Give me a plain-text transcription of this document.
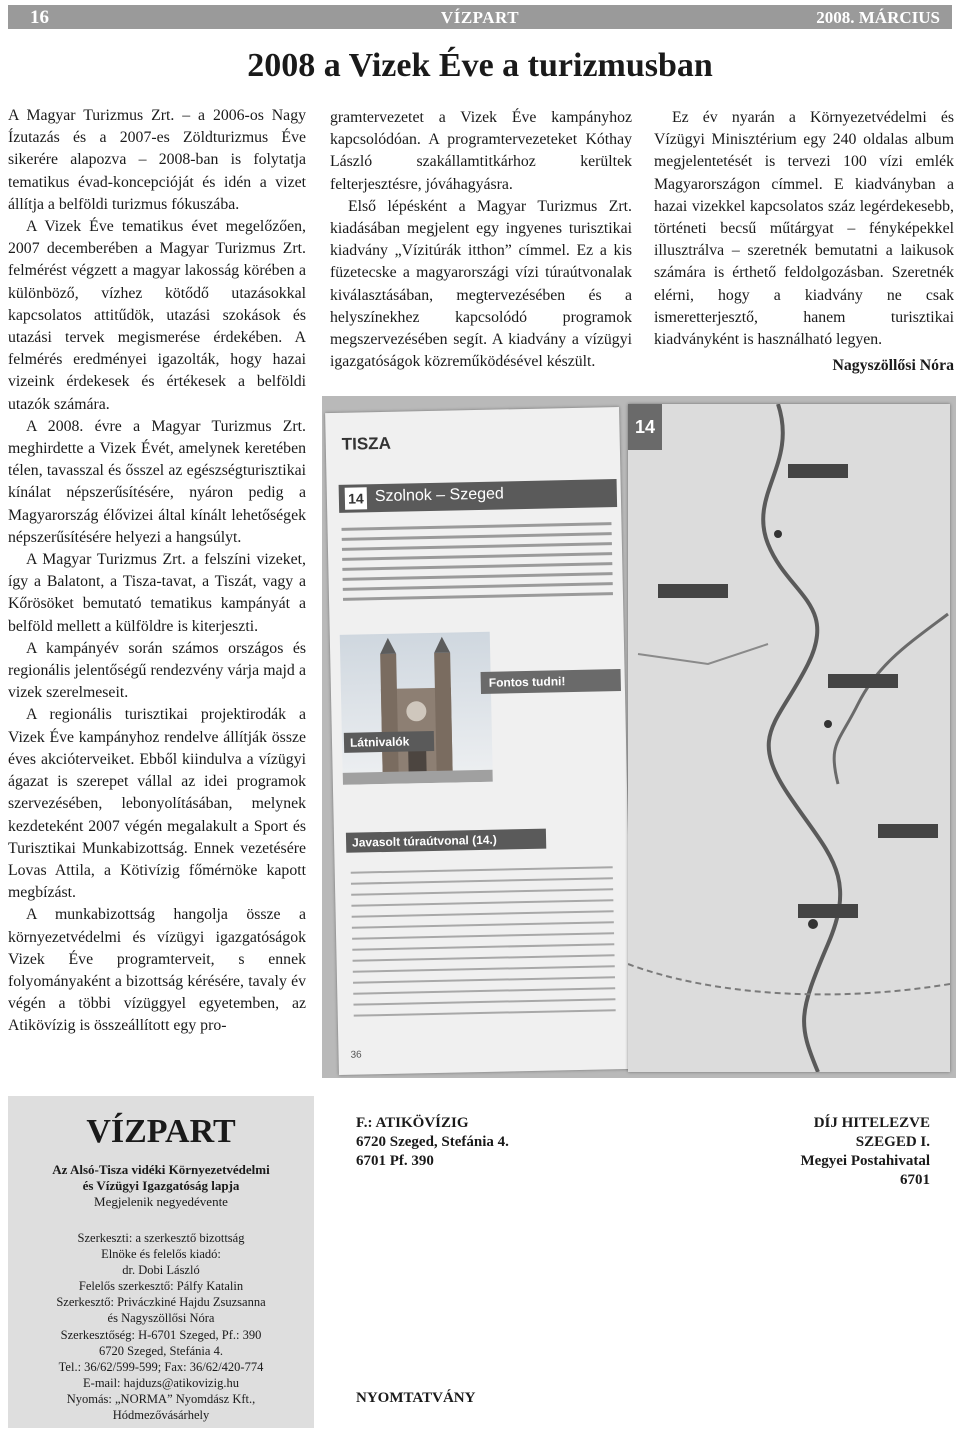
16	VÍZPART	2008. MÁRCIUS
2008 a Vizek Éve a turizmusban

A Magyar Turizmus Zrt. – a 2006-os Nagy Ízutazás és a 2007-es Zöldturizmus Éve sikerére alapozva – 2008-ban is folytatja tematikus évad-koncepcióját és idén a vizet állítja a belföldi turizmus fókuszába.

A Vizek Éve tematikus évet megelőzően, 2007 decemberében a Magyar Turizmus Zrt. felmérést végzett a magyar lakosság körében a különböző, vízhez kötődő utazásokkal kapcsolatos attitűdök, utazási szokások és utazási tervek megismerése érdekében. A felmérés eredményei igazolták, hogy hazai vizeink érdekesek és értékesek a belföldi utazók számára.

A 2008. évre a Magyar Turizmus Zrt. meghirdette a Vizek Évét, amelynek keretében télen, tavasszal és ősszel az egészségturisztikai kínálat népszerűsítésére, nyáron pedig a Magyarország élővizei által kínált lehetőségek népszerűsítésére helyezi a hangsúlyt.

A Magyar Turizmus Zrt. a felszíni vizeket, így a Balatont, a Tisza-tavat, a Tiszát, vagy a Kőrösöket bemutató tematikus kampányát a belföld mellett a külföldre is kiterjeszti.

A kampányév során számos országos és regionális jelentőségű rendezvény várja majd a vizek szerelmeseit.

A regionális turisztikai projektirodák a Vizek Éve kampányhoz rendelve állítják össze éves akcióterveiket. Ebből kiindulva a vízügyi ágazat is szerepet vállal az idei programok szervezésében, lebonyolításában, melynek kezdeteként 2007 végén megalakult a Sport és Turisztikai Munkabizottság. Ennek vezetésére Lovas Attila, a Kötivízig főmérnöke kapott megbízást.

A munkabizottság hangolja össze a környezetvédelmi és vízügyi igazgatóságok Vizek Éve programterveit, s ennek folyományaként a bizottság kérésére, tavaly év végén a többi vízüggyel egyetemben, az Atikövízig is összeállított egy pro-

gramtervezetet a Vizek Éve kampányhoz kapcsolódóan. A programtervezeteket Kóthay László szakállamtitkárhoz kerültek felterjesztésre, jóváhagyásra.

Első lépésként a Magyar Turizmus Zrt. kiadásában megjelent egy ingyenes turisztikai kiadvány „Vízitúrák itthon” címmel. Ez a kis füzetecske a magyarországi vízi túraútvonalak kiválasztásában, megtervezésében és a helyszínekhez kapcsolódó programok megszervezésében segít. A kiadvány a vízügyi igazgatóságok közreműködésével készült.

Ez év nyarán a Környezetvédelmi és Vízügyi Minisztérium egy 240 oldalas album megjelentetését is tervezi 100 vízi emlék Magyarországon címmel. E kiadványban a hazai vizekkel kapcsolatos száz legérdekesebb, történeti becsű műtárgyat – fényképekkel illusztrálva – szeretnék bemutatni a laikusok számára is érthető feldolgozásban. Szeretnék elérni, hogy a kiadvány ne csak ismeretterjesztő, hanem turisztikai kiadványként is használható legyen.

Nagyszöllősi Nóra

TISZA
14 Szolnok – Szeged
Fontos tudni!
Látnivalók
Javasolt túraútvonal (14.)
36
14
VÍZPART
Az Alsó-Tisza vidéki Környezetvédelmi
és Vízügyi Igazgatóság lapja
Megjelenik negyedévente
Szerkeszti: a szerkesztő bizottság
Elnöke és felelős kiadó:
dr. Dobi László
Felelős szerkesztő: Pálfy Katalin
Szerkesztő: Priváczkiné Hajdu Zsuzsanna
és Nagyszöllősi Nóra
Szerkesztőség: H-6701 Szeged, Pf.: 390
6720 Szeged, Stefánia 4.
Tel.: 36/62/599-599; Fax: 36/62/420-774
E-mail: hajduzs@atikovizig.hu
Nyomás: „NORMA” Nyomdász Kft.,
Hódmezővásárhely
F.: ATIKÖVÍZIG
6720 Szeged, Stefánia 4.
6701 Pf. 390
DÍJ HITELEZVE
SZEGED I.
Megyei Postahivatal
6701
NYOMTATVÁNY
